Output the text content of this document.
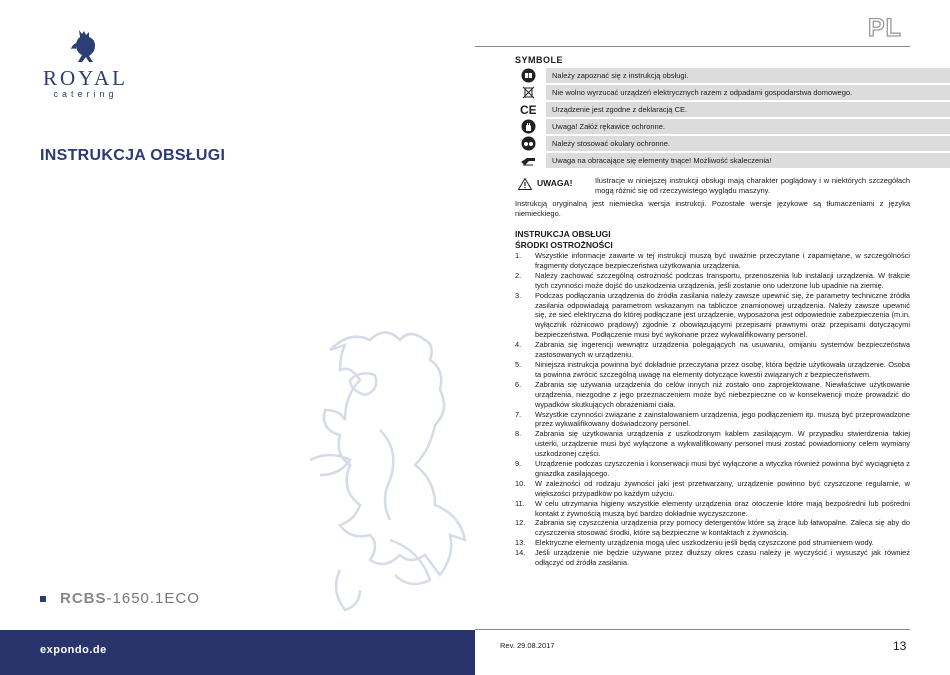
ROYAL
catering
INSTRUKCJA OBSŁUGI
RCBS-1650.1ECO
expondo.de
PL
SYMBOLE
Należy zapoznać się z instrukcją obsługi.
Nie wolno wyrzucać urządzeń elektrycznych razem z odpadami gospodarstwa domowego.
CE	Urządzenie jest zgodne z deklaracją CE.
Uwaga! Załóż rękawice ochronne.
Należy stosować okulary ochronne.
Uwaga na obracające się elementy tnące! Możliwość skaleczenia!
UWAGA!	Ilustracje w niniejszej instrukcji obsługi mają charakter poglądowy i w niektórych szczegółach mogą różnić się od rzeczywistego wyglądu maszyny.
Instrukcją oryginalną jest niemiecka wersja instrukcji. Pozostałe wersje językowe są tłumaczeniami z języka niemieckiego.
INSTRUKCJA OBSŁUGI
ŚRODKI OSTROŻNOŚCI
1. Wszystkie informacje zawarte w tej instrukcji muszą być uważnie przeczytane i zapamiętane, w szczególności fragmenty dotyczące bezpieczeństwa użytkowania urządzenia.
2. Należy zachować szczególną ostrożność podczas transportu, przenoszenia lub instalacji urządzenia. W trakcie tych czynności może dojść do uszkodzenia urządzenia, jeśli zostanie ono uderzone lub upadnie na ziemię.
3. Podczas podłączania urządzenia do źródła zasilania należy zawsze upewnić się, że parametry techniczne źródła zasilania odpowiadają parametrom wskazanym na tabliczce znamionowej urządzenia. Należy zawsze upewnić się, że sieć elektryczna do której podłączane jest urządzenie, wyposażona jest odpowiednie zabezpieczenia (m.in. wyłącznik różnicowo prądowy) zgodnie z obowiązującymi przepisami prawnymi oraz przepisami dotyczącymi bezpieczeństwa. Podłączenie musi być wykonane przez wykwalifikowany personel.
4. Zabrania się ingerencji wewnątrz urządzenia polegających na usuwaniu, omijaniu systemów bezpieczeństwa zastosowanych w urządzeniu.
5. Niniejsza instrukcja powinna być dokładnie przeczytana przez osobę, która będzie użytkowała urządzenie. Osoba ta powinna zwrócić szczególną uwagę na elementy dotyczące kwestii związanych z bezpieczeństwem.
6. Zabrania się używania urządzenia do celów innych niż zostało ono zaprojektowane. Niewłaściwe użytkowanie urządzenia, niezgodne z jego przeznaczeniem może być niebezpieczne co w konsekwencji może prowadzić do wypadków skutkujących obrażeniami ciała.
7. Wszystkie czynności związane z zainstalowaniem urządzenia, jego podłączeniem itp. muszą być przeprowadzone przez wykwalifikowany doświadczony personel.
8. Zabrania się użytkowania urządzenia z uszkodzonym kablem zasilającym. W przypadku stwierdzenia takiej usterki, urządzenie musi być wyłączone a wykwalifikowany personel musi zostać powiadomiony celem wymiany uszkodzonej części.
9. Urządzenie podczas czyszczenia i konserwacji musi być wyłączone a wtyczka również powinna być wyciągnięta z gniazdka zasilającego.
10. W zależności od rodzaju żywności jaki jest przetwarzany, urządzenie powinno być czyszczone regularnie, w większości przypadków po każdym użyciu.
11. W celu utrzymania higieny wszystkie elementy urządzenia oraz otoczenie które mają bezpośredni lub pośredni kontakt z żywnością muszą być bardzo dokładnie wyczyszczone.
12. Zabrania się czyszczenia urządzenia przy pomocy detergentów które są żrące lub łatwopalne. Zaleca się aby do czyszczenia stosować środki, które są bezpieczne w kontaktach z żywnością.
13. Elektryczne elementy urządzenia mogą ulec uszkodzeniu jeśli będą czyszczone pod strumieniem wody.
14. Jeśli urządzenie nie będzie używane przez dłuższy okres czasu należy je wyczyścić i wysuszyć jak również odłączyć od źródła zasilania.
Rev. 29.08.2017	13
